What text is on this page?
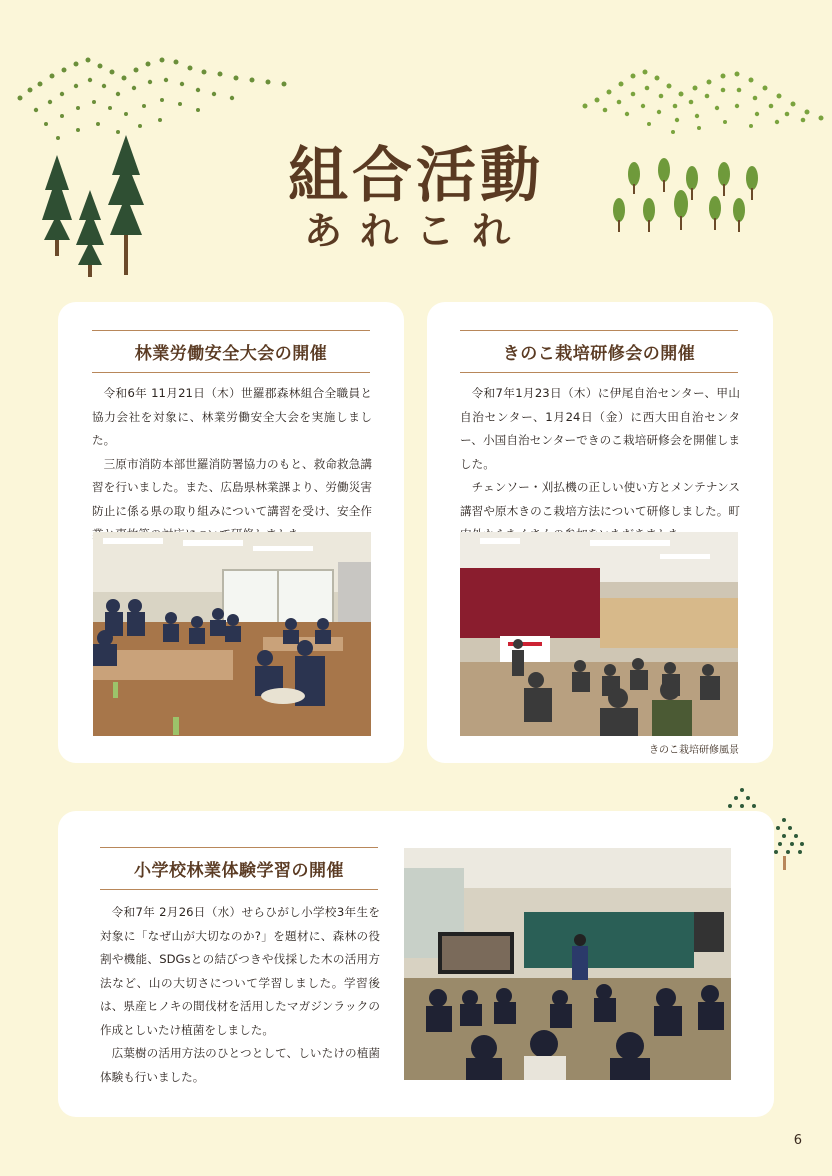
組合活動
あれこれ
林業労働安全大会の開催

令和6年 11月21日（木）世羅郡森林組合全職員と協力会社を対象に、林業労働安全大会を実施しました。

三原市消防本部世羅消防署協力のもと、救命救急講習を行いました。また、広島県林業課より、労働災害防止に係る県の取り組みについて講習を受け、安全作

きのこ栽培研修会の開催

令和7年1月23日（木）に伊尾自治センター、甲山自治センター、1月24日（金）に西大田自治センター、小国自治センターできのこ栽培研修会を開催しました。

チェンソー・刈払機の正しい使い方とメンテナンス講習や原木きのこ栽培方法について研修しました。町

きのこ栽培研修風景
小学校林業体験学習の開催

令和7年 2月26日（水）せらひがし小学校3年生を対象に「なぜ山が大切なのか?」を題材に、森林の役割や機能、SDGsとの結びつきや伐採した木の活用方法など、山の大切さについて学習しました。学習後は、県産ヒノキの間伐材を活用したマガジンラックの作成としいたけ植菌をしました。

広葉樹の活用方法のひとつとして、しいたけの植菌体験も行いました。

6
